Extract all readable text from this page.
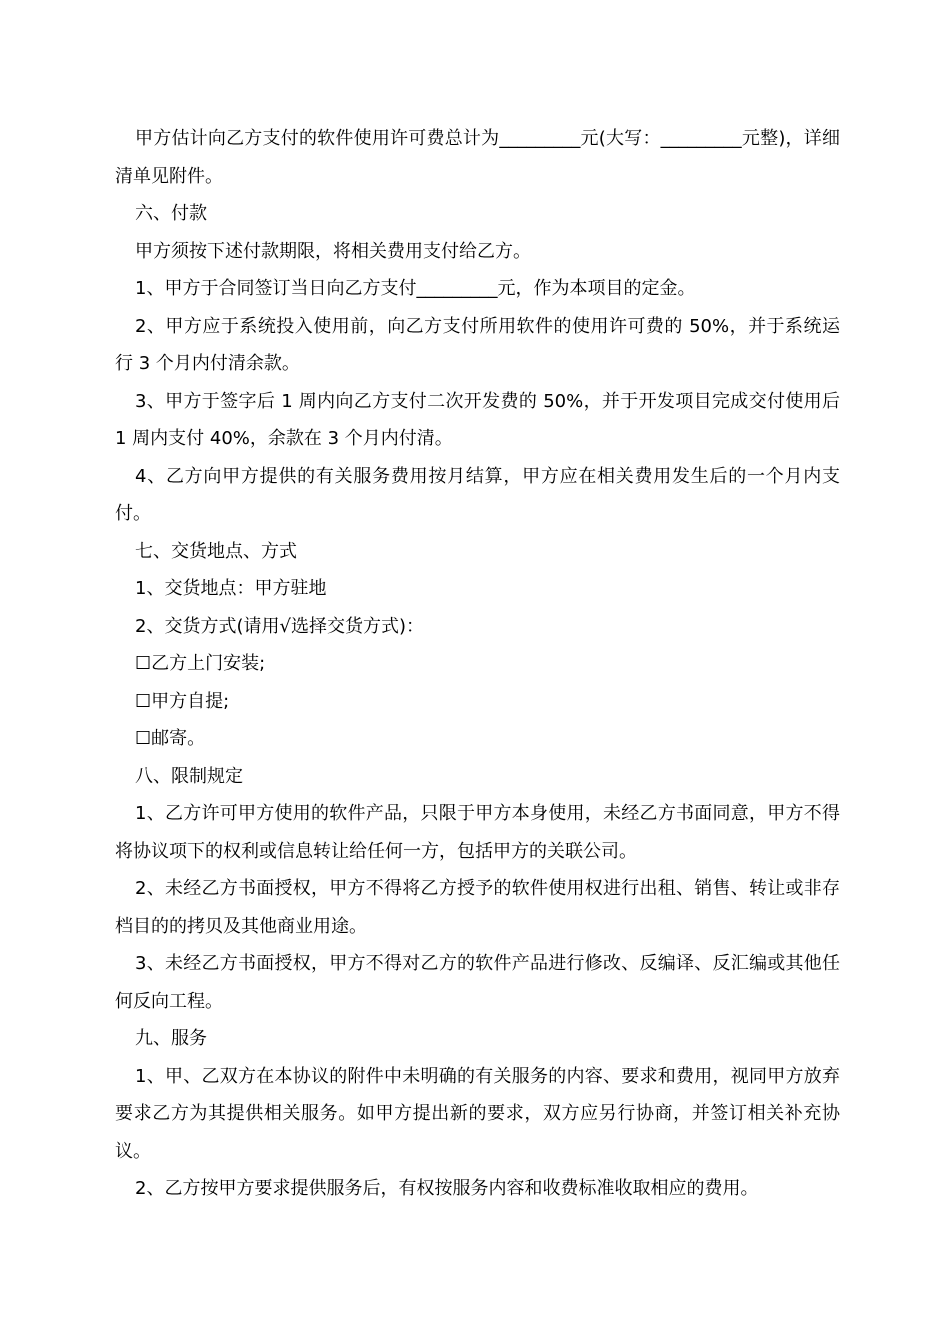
甲方估计向乙方支付的软件使用许可费总计为_________元(大写：_________元整)，详细清单见附件。

六、付款

甲方须按下述付款期限，将相关费用支付给乙方。

1、甲方于合同签订当日向乙方支付_________元，作为本项目的定金。

2、甲方应于系统投入使用前，向乙方支付所用软件的使用许可费的 50%，并于系统运行 3 个月内付清余款。

3、甲方于签字后 1 周内向乙方支付二次开发费的 50%，并于开发项目完成交付使用后 1 周内支付 40%，余款在 3 个月内付清。

4、乙方向甲方提供的有关服务费用按月结算，甲方应在相关费用发生后的一个月内支付。

七、交货地点、方式

1、交货地点：甲方驻地

2、交货方式(请用√选择交货方式)：

☐乙方上门安装;

☐甲方自提;

☐邮寄。

八、限制规定

1、乙方许可甲方使用的软件产品，只限于甲方本身使用，未经乙方书面同意，甲方不得将协议项下的权利或信息转让给任何一方，包括甲方的关联公司。

2、未经乙方书面授权，甲方不得将乙方授予的软件使用权进行出租、销售、转让或非存档目的的拷贝及其他商业用途。

3、未经乙方书面授权，甲方不得对乙方的软件产品进行修改、反编译、反汇编或其他任何反向工程。

九、服务

1、甲、乙双方在本协议的附件中未明确的有关服务的内容、要求和费用，视同甲方放弃要求乙方为其提供相关服务。如甲方提出新的要求，双方应另行协商，并签订相关补充协议。

2、乙方按甲方要求提供服务后，有权按服务内容和收费标准收取相应的费用。
